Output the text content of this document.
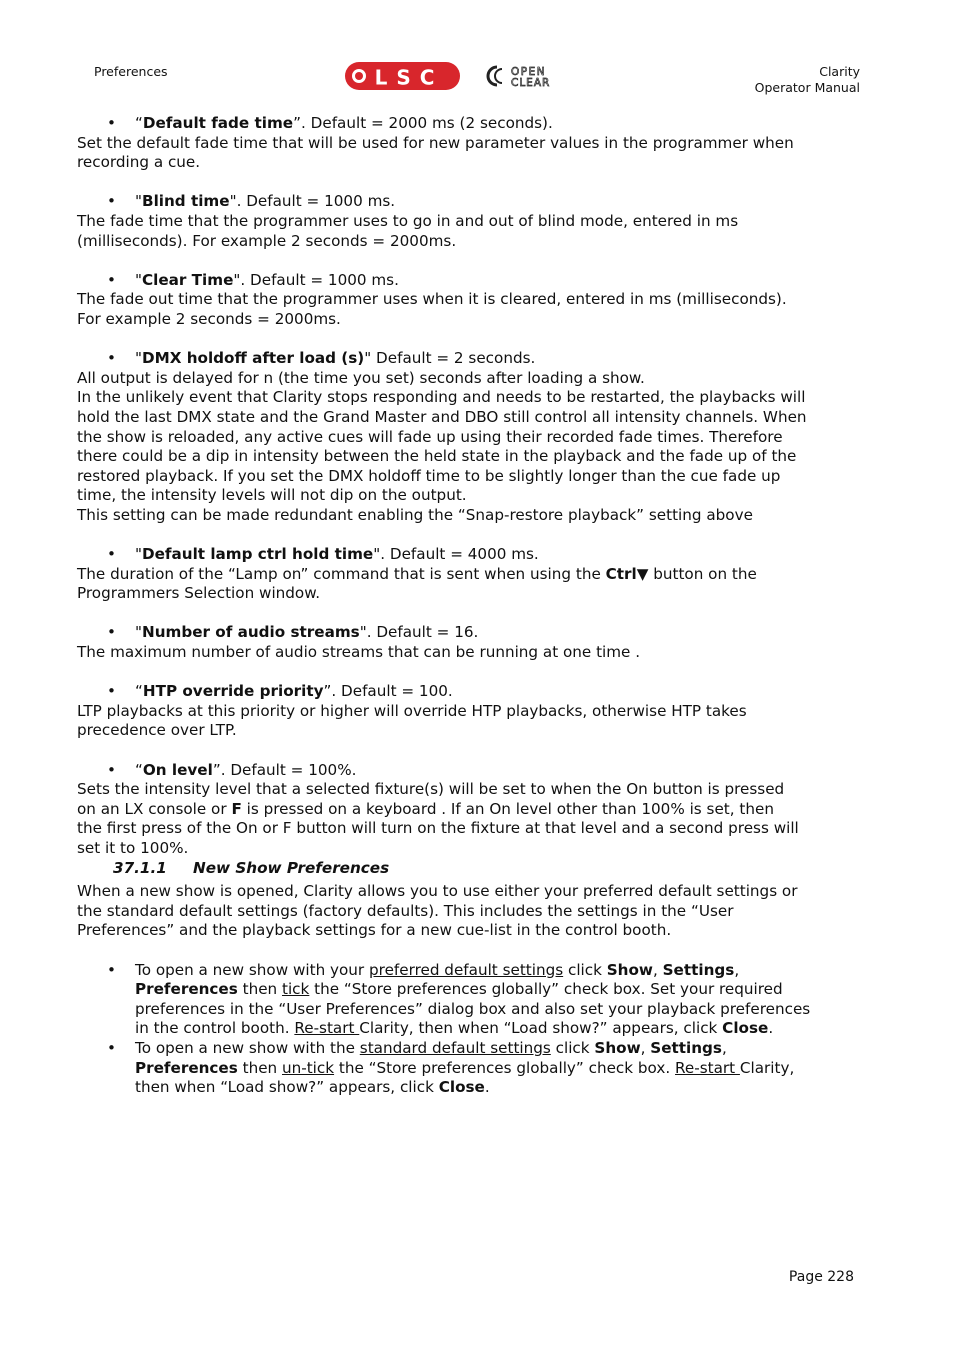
Preferences	LSC	OPEN
CLEAR
Clarity
Operator Manual

• “Default fade time”. Default = 2000 ms (2 seconds).

Set the default fade time that will be used for new parameter values in the programmer when

recording a cue.

• "Blind time". Default = 1000 ms.

The fade time that the programmer uses to go in and out of blind mode, entered in ms

(milliseconds). For example 2 seconds = 2000ms.

• "Clear Time". Default = 1000 ms.

The fade out time that the programmer uses when it is cleared, entered in ms (milliseconds).

For example 2 seconds = 2000ms.

• "DMX holdoff after load (s)" Default = 2 seconds.

All output is delayed for n (the time you set) seconds after loading a show.

In the unlikely event that Clarity stops responding and needs to be restarted, the playbacks will

hold the last DMX state and the Grand Master and DBO still control all intensity channels. When

the show is reloaded, any active cues will fade up using their recorded fade times. Therefore

there could be a dip in intensity between the held state in the playback and the fade up of the

restored playback. If you set the DMX holdoff time to be slightly longer than the cue fade up

time, the intensity levels will not dip on the output.

This setting can be made redundant enabling the “Snap-restore playback” setting above

• "Default lamp ctrl hold time". Default = 4000 ms.

The duration of the “Lamp on” command that is sent when using the Ctrl▼ button on the

Programmers Selection window.

• "Number of audio streams". Default = 16.

The maximum number of audio streams that can be running at one time .

• “HTP override priority”. Default = 100.

LTP playbacks at this priority or higher will override HTP playbacks, otherwise HTP takes

precedence over LTP.

• “On level”. Default = 100%.

Sets the intensity level that a selected fixture(s) will be set to when the On button is pressed

on an LX console or F is pressed on a keyboard . If an On level other than 100% is set, then

the first press of the On or F button will turn on the fixture at that level and a second press will

set it to 100%.

37.1.1 New Show Preferences

When a new show is opened, Clarity allows you to use either your preferred default settings or

the standard default settings (factory defaults). This includes the settings in the “User

Preferences” and the playback settings for a new cue-list in the control booth.

• To open a new show with your preferred default settings click Show, Settings,

Preferences then tick the “Store preferences globally” check box. Set your required

preferences in the “User Preferences” dialog box and also set your playback preferences

in the control booth. Re-start Clarity, then when “Load show?” appears, click Close.

• To open a new show with the standard default settings click Show, Settings,

Preferences then un-tick the “Store preferences globally” check box. Re-start Clarity,

then when “Load show?” appears, click Close.

Page 228
